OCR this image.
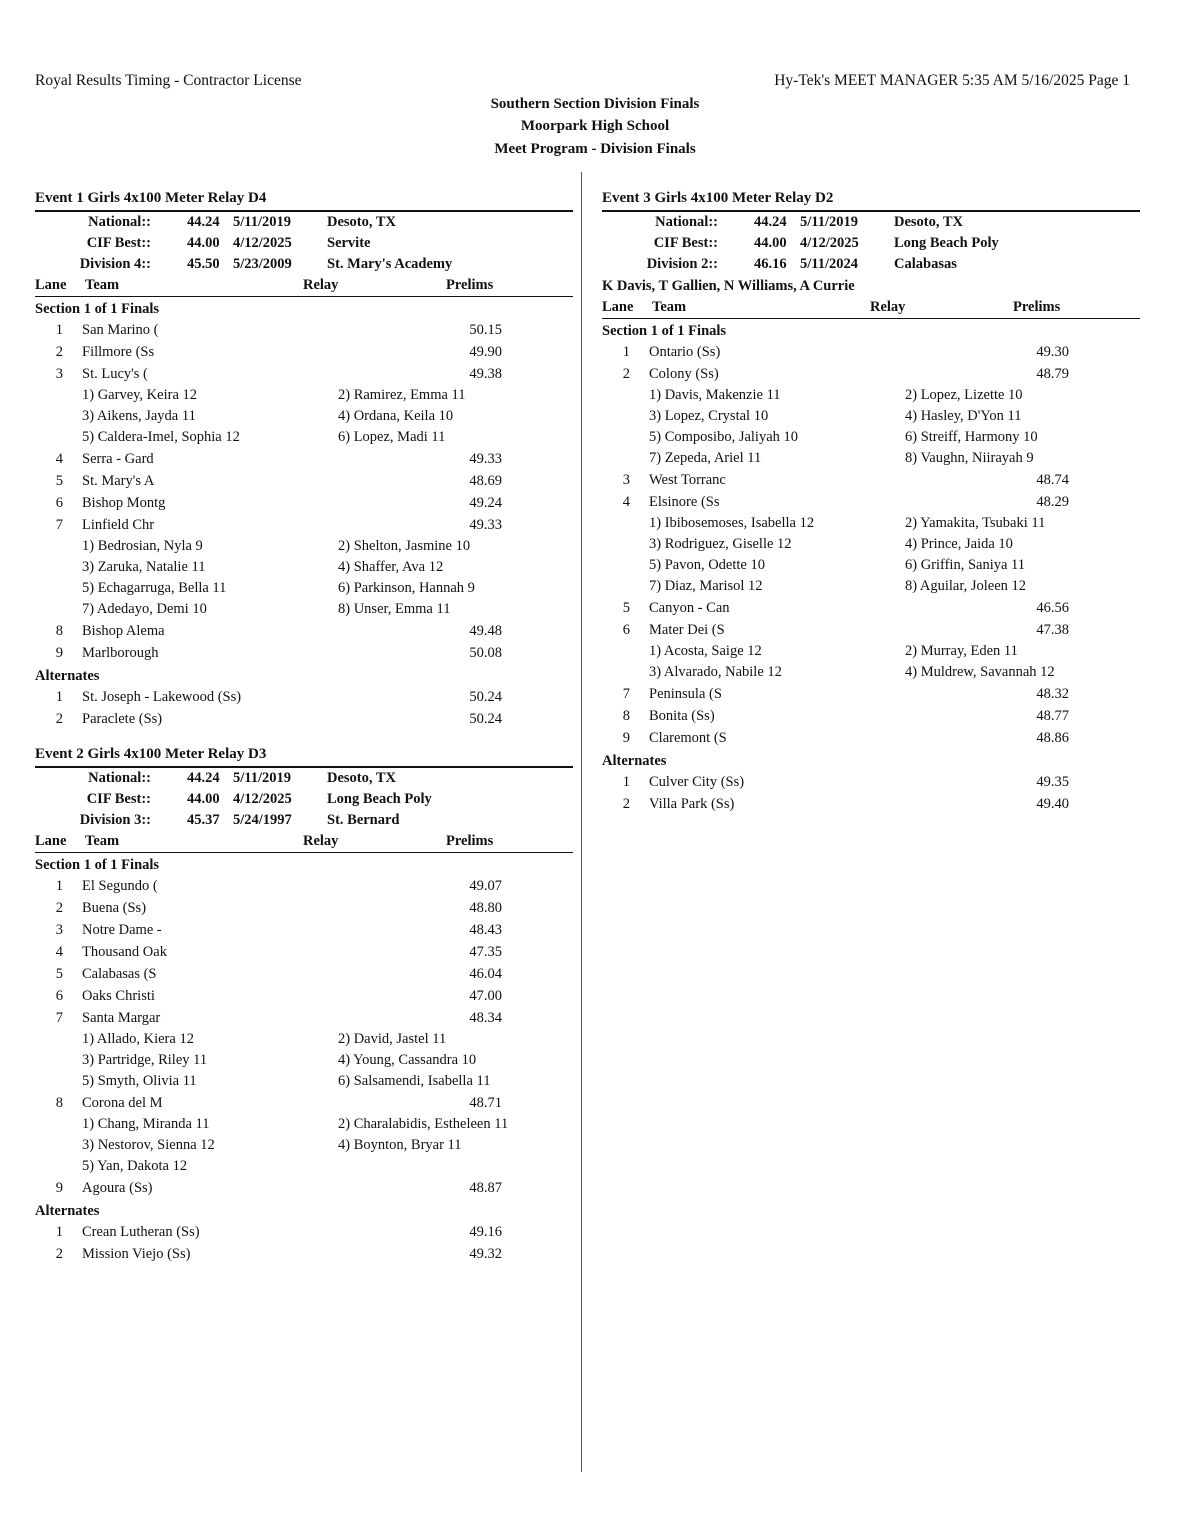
Royal Results Timing - Contractor License	Hy-Tek's MEET MANAGER 5:35 AM 5/16/2025 Page 1
Southern Section Division Finals
Moorpark High School
Meet Program - Division Finals
Event 1 Girls 4x100 Meter Relay D4
National:: 44.24 5/11/2019 Desoto, TX
CIF Best:: 44.00 4/12/2025 Servite
Division 4:: 45.50 5/23/2009 St. Mary's Academy
Lane Team	Relay	Prelims
Section 1 of 1 Finals
1 San Marino (	50.15
2 Fillmore (Ss	49.90
3 St. Lucy's (	49.38
1) Garvey, Keira 12	2) Ramirez, Emma 11
3) Aikens, Jayda 11	4) Ordana, Keila 10
5) Caldera-Imel, Sophia 12	6) Lopez, Madi 11
4 Serra - Gard	49.33
5 St. Mary's A	48.69
6 Bishop Montg	49.24
7 Linfield Chr	49.33
1) Bedrosian, Nyla 9	2) Shelton, Jasmine 10
3) Zaruka, Natalie 11	4) Shaffer, Ava 12
5) Echagarruga, Bella 11	6) Parkinson, Hannah 9
7) Adedayo, Demi 10	8) Unser, Emma 11
8 Bishop Alema	49.48
9 Marlborough	50.08
Alternates
1 St. Joseph - Lakewood (Ss)	50.24
2 Paraclete (Ss)	50.24
Event 2 Girls 4x100 Meter Relay D3
National:: 44.24 5/11/2019 Desoto, TX
CIF Best:: 44.00 4/12/2025 Long Beach Poly
Division 3:: 45.37 5/24/1997 St. Bernard
Lane Team	Relay	Prelims
Section 1 of 1 Finals
1 El Segundo (	49.07
2 Buena (Ss)	48.80
3 Notre Dame -	48.43
4 Thousand Oak	47.35
5 Calabasas (S	46.04
6 Oaks Christi	47.00
7 Santa Margar	48.34
1) Allado, Kiera 12	2) David, Jastel 11
3) Partridge, Riley 11	4) Young, Cassandra 10
5) Smyth, Olivia 11	6) Salsamendi, Isabella 11
8 Corona del M	48.71
1) Chang, Miranda 11	2) Charalabidis, Estheleen 11
3) Nestorov, Sienna 12	4) Boynton, Bryar 11
5) Yan, Dakota 12
9 Agoura (Ss)	48.87
Alternates
1 Crean Lutheran (Ss)	49.16
2 Mission Viejo (Ss)	49.32
Event 3 Girls 4x100 Meter Relay D2
National:: 44.24 5/11/2019 Desoto, TX
CIF Best:: 44.00 4/12/2025 Long Beach Poly
Division 2:: 46.16 5/11/2024 Calabasas
K Davis, T Gallien, N Williams, A Currie
Lane Team	Relay	Prelims
Section 1 of 1 Finals
1 Ontario (Ss)	49.30
2 Colony (Ss)	48.79
1) Davis, Makenzie 11	2) Lopez, Lizette 10
3) Lopez, Crystal 10	4) Hasley, D'Yon 11
5) Composibo, Jaliyah 10	6) Streiff, Harmony 10
7) Zepeda, Ariel 11	8) Vaughn, Niirayah 9
3 West Torranc	48.74
4 Elsinore (Ss	48.29
1) Ibibosemoses, Isabella 12	2) Yamakita, Tsubaki 11
3) Rodriguez, Giselle 12	4) Prince, Jaida 10
5) Pavon, Odette 10	6) Griffin, Saniya 11
7) Diaz, Marisol 12	8) Aguilar, Joleen 12
5 Canyon - Can	46.56
6 Mater Dei (S	47.38
1) Acosta, Saige 12	2) Murray, Eden 11
3) Alvarado, Nabile 12	4) Muldrew, Savannah 12
7 Peninsula (S	48.32
8 Bonita (Ss)	48.77
9 Claremont (S	48.86
Alternates
1 Culver City (Ss)	49.35
2 Villa Park (Ss)	49.40
